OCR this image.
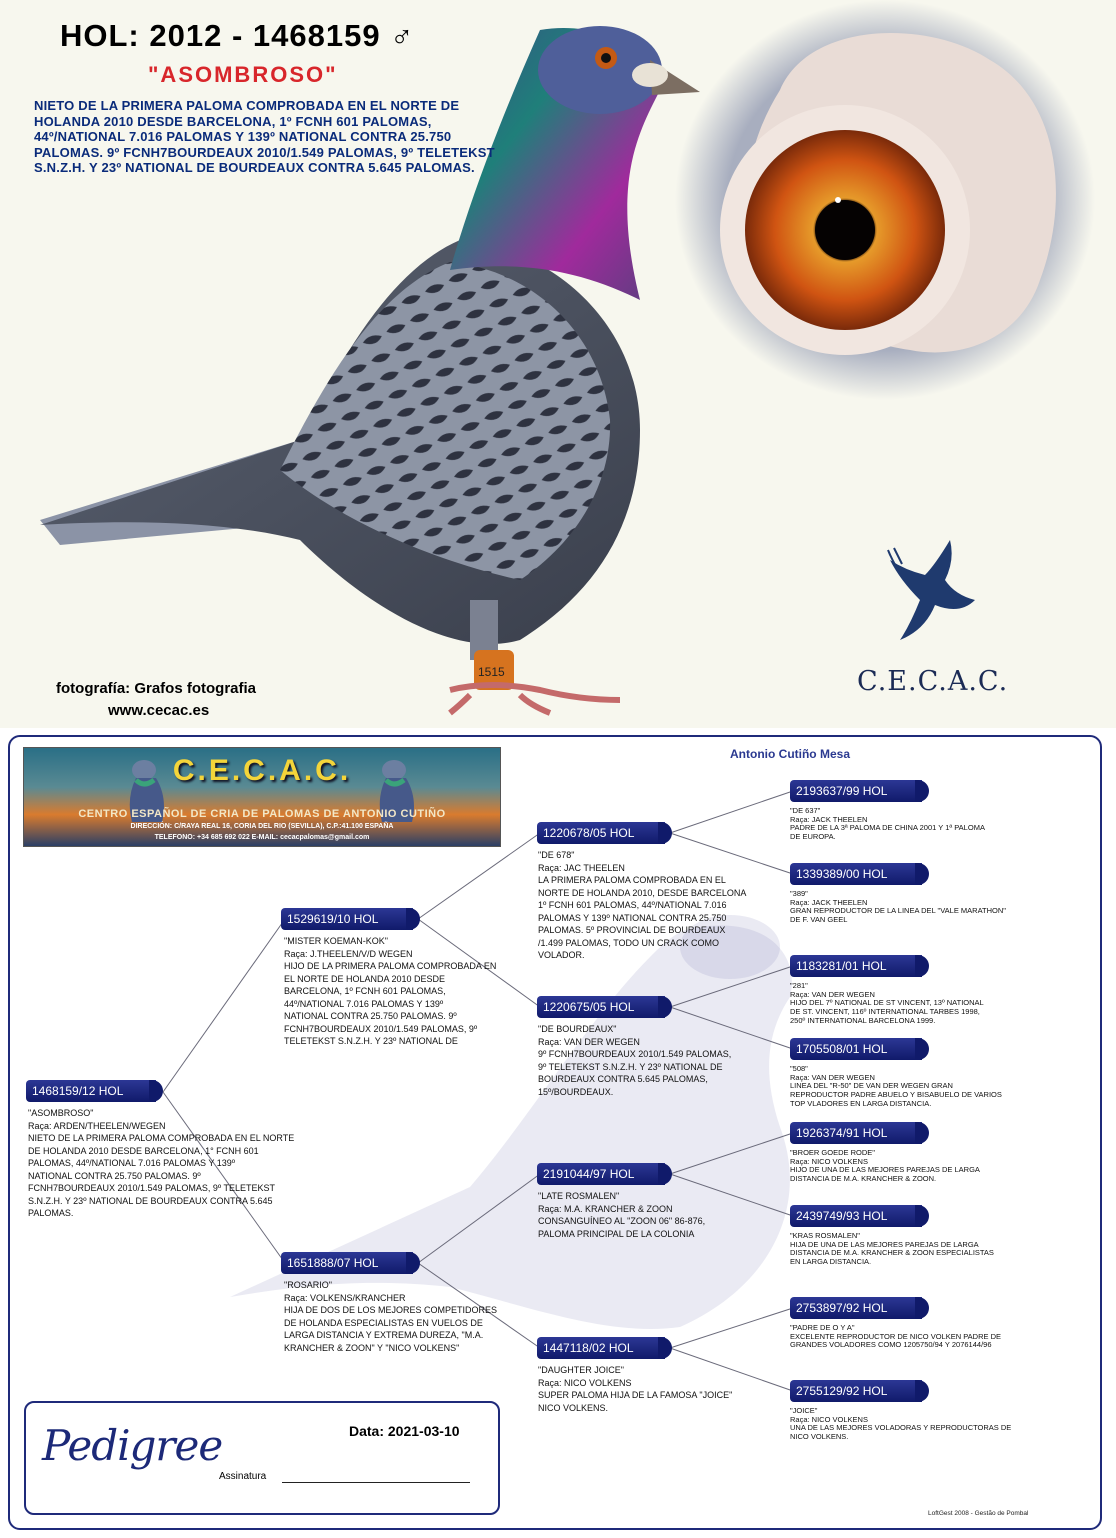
1515
HOL: 2012 - 1468159 ♂
"ASOMBROSO"
NIETO DE LA PRIMERA PALOMA COMPROBADA EN EL NORTE DE HOLANDA 2010 DESDE BARCELONA, 1º FCNH 601 PALOMAS, 44º/NATIONAL 7.016 PALOMAS Y 139º NATIONAL CONTRA 25.750 PALOMAS. 9º FCNH7BOURDEAUX 2010/1.549 PALOMAS, 9º TELETEKST S.N.Z.H. Y 23º NATIONAL DE BOURDEAUX CONTRA 5.645 PALOMAS.
fotografía: Grafos fotografia
www.cecac.es
C.E.C.A.C.
Antonio Cutiño Mesa
C.E.C.A.C.
CENTRO ESPAÑOL DE CRIA DE PALOMAS DE ANTONIO CUTIÑO
DIRECCIÓN: C/RAYA REAL 16, CORIA DEL RIO (SEVILLA), C.P.:41.100 ESPAÑA
TELEFONO: +34 685 692 022 E-MAIL: cecacpalomas@gmail.com
1468159/12 HOL
"ASOMBROSO"
Raça: ARDEN/THEELEN/WEGEN
NIETO DE LA PRIMERA PALOMA COMPROBADA EN EL NORTE
DE HOLANDA 2010 DESDE BARCELONA, 1° FCNH 601
PALOMAS, 44º/NATIONAL 7.016 PALOMAS Y 139º
NATIONAL CONTRA 25.750 PALOMAS. 9º
FCNH7BOURDEAUX 2010/1.549 PALOMAS, 9º TELETEKST
S.N.Z.H. Y 23º NATIONAL DE BOURDEAUX CONTRA 5.645
PALOMAS.
1529619/10 HOL
"MISTER KOEMAN-KOK"
Raça: J.THEELEN/V/D WEGEN
HIJO DE LA PRIMERA PALOMA COMPROBADA EN
EL NORTE DE HOLANDA 2010 DESDE
BARCELONA, 1º FCNH 601 PALOMAS,
44º/NATIONAL 7.016 PALOMAS Y 139º
NATIONAL CONTRA 25.750 PALOMAS. 9º
FCNH7BOURDEAUX 2010/1.549 PALOMAS, 9º
TELETEKST S.N.Z.H. Y 23º NATIONAL DE
1651888/07 HOL
"ROSARIO"
Raça: VOLKENS/KRANCHER
HIJA DE DOS DE LOS MEJORES COMPETIDORES
DE HOLANDA ESPECIALISTAS EN VUELOS DE
LARGA DISTANCIA Y EXTREMA DUREZA, "M.A.
KRANCHER & ZOON" Y "NICO VOLKENS"
1220678/05 HOL
"DE 678"
Raça: JAC THEELEN
LA PRIMERA PALOMA COMPROBADA EN EL
NORTE DE HOLANDA 2010, DESDE BARCELONA
1º FCNH 601 PALOMAS, 44º/NATIONAL 7.016
PALOMAS Y 139º NATIONAL CONTRA 25.750
PALOMAS. 5º PROVINCIAL DE BOURDEAUX
/1.499 PALOMAS, TODO UN CRACK COMO
VOLADOR.
1220675/05 HOL
"DE BOURDEAUX"
Raça: VAN DER WEGEN
9º FCNH7BOURDEAUX 2010/1.549 PALOMAS,
9º TELETEKST S.N.Z.H. Y 23º NATIONAL DE
BOURDEAUX CONTRA 5.645 PALOMAS,
15º/BOURDEAUX.
2191044/97 HOL
"LATE ROSMALEN"
Raça: M.A. KRANCHER & ZOON
CONSANGUÍNEO AL "ZOON 06" 86-876,
PALOMA PRINCIPAL DE LA COLONIA
1447118/02 HOL
"DAUGHTER JOICE"
Raça: NICO VOLKENS
SUPER PALOMA HIJA DE LA FAMOSA "JOICE"
NICO VOLKENS.
2193637/99 HOL
"DE 637"
Raça: JACK THEELEN
PADRE DE LA 3ª PALOMA DE CHINA 2001 Y 1ª PALOMA
DE EUROPA.
1339389/00 HOL
"389"
Raça: JACK THEELEN
GRAN REPRODUCTOR DE LA LINEA DEL "VALE MARATHON"
DE F. VAN GEEL
1183281/01 HOL
"281"
Raça: VAN DER WEGEN
HIJO DEL 7º NATIONAL DE ST VINCENT, 13º NATIONAL
DE ST. VINCENT, 116º INTERNATIONAL TARBES 1998,
250º INTERNATIONAL BARCELONA 1999.
1705508/01 HOL
"508"
Raça: VAN DER WEGEN
LINEA DEL "R-50" DE VAN DER WEGEN GRAN
REPRODUCTOR PADRE ABUELO Y BISABUELO DE VARIOS
TOP VLADORES EN LARGA DISTANCIA.
1926374/91 HOL
"BROER GOEDE RODE"
Raça: NICO VOLKENS
HIJO DE UNA DE LAS MEJORES PAREJAS DE LARGA
DISTANCIA DE M.A. KRANCHER & ZOON.
2439749/93 HOL
"KRAS ROSMALEN"
HIJA DE UNA DE LAS MEJORES PAREJAS DE LARGA
DISTANCIA DE M.A. KRANCHER & ZOON ESPECIALISTAS
EN LARGA DISTANCIA.
2753897/92 HOL
"PADRE DE O Y A"
EXCELENTE REPRODUCTOR DE NICO VOLKEN PADRE DE
GRANDES VOLADORES COMO 1205750/94 Y 2076144/96
2755129/92 HOL
"JOICE"
Raça: NICO VOLKENS
UNA DE LAS MEJORES VOLADORAS Y REPRODUCTORAS DE
NICO VOLKENS.
Pedigree	Data: 2021-03-10
Assinatura
LoftGest 2008 - Gestão de Pombal
